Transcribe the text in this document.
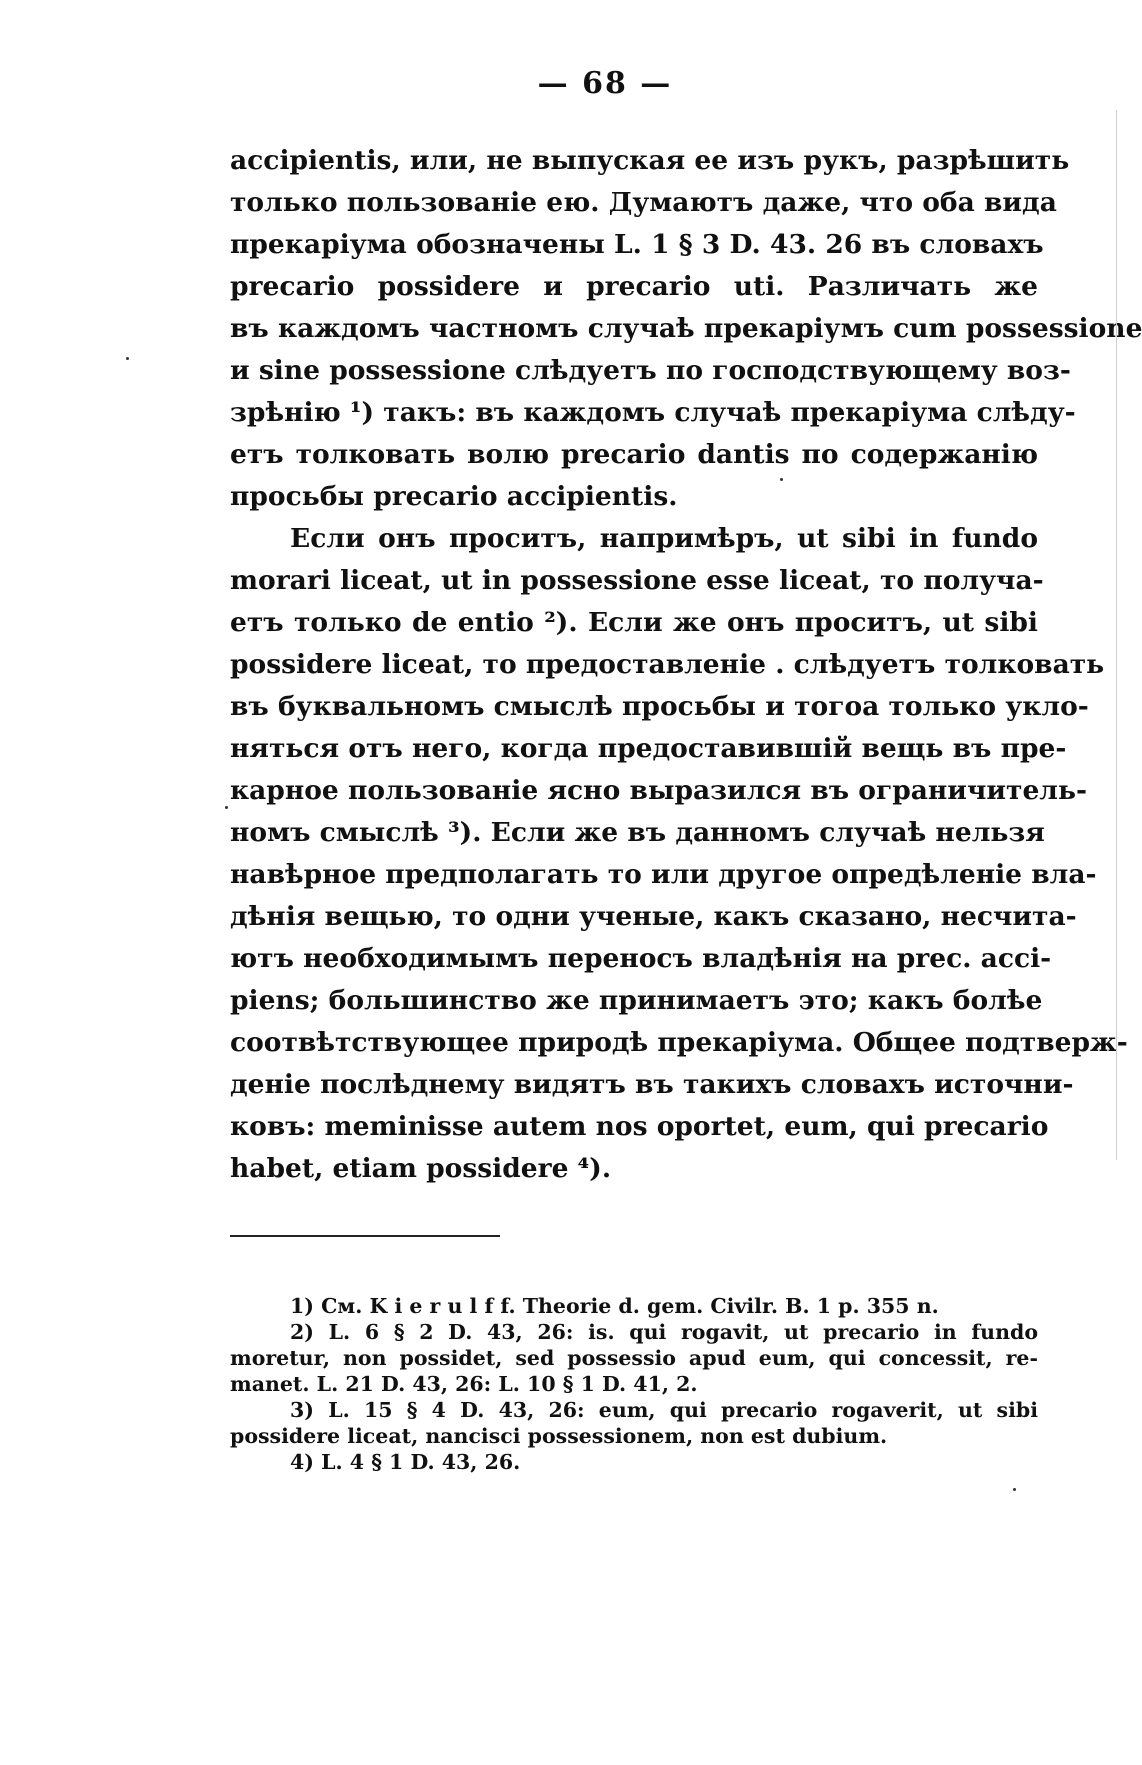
— 68 —
accipientis, или, не выпуская ее изъ рукъ, разрѣшить
только пользованіе ею. Думаютъ даже, что оба вида
прекаріума обозначены L. 1 § 3 D. 43. 26 въ словахъ
precario possidere и precario uti. Различать же
въ каждомъ частномъ случаѣ прекаріумъ cum possessione
и sine possessione слѣдуетъ по господствующему воз-
зрѣнію ¹) такъ: въ каждомъ случаѣ прекаріума слѣду-
етъ толковать волю precario dantis по содержанію
просьбы precario accipientis.
Если онъ проситъ, напримѣръ, ut sibi in fundo
morari liceat, ut in possessione esse liceat, то получа-
етъ только de entio ²). Если же онъ проситъ, ut sibi
possidere liceat, то предоставленіе . слѣдуетъ толковать
въ буквальномъ смыслѣ просьбы и тогоа только укло-
няться отъ него, когда предоставившій вещь въ пре-
карное пользованіе ясно выразился въ ограничитель-
номъ смыслѣ ³). Если же въ данномъ случаѣ нельзя
навѣрное предполагать то или другое опредѣленіе вла-
дѣнія вещью, то одни ученые, какъ сказано, несчита-
ютъ необходимымъ переносъ владѣнія на prec. acci-
piens; большинство же принимаетъ это; какъ болѣе
соотвѣтствующее природѣ прекаріума. Общее подтверж-
деніе послѣднему видятъ въ такихъ словахъ источни-
ковъ: meminisse autem nos oportet, eum, qui precario
habet, etiam possidere ⁴).
1) См. K i e r u l f f. Theorie d. gem. Civilr. B. 1 p. 355 n.
2) L. 6 § 2 D. 43, 26: is. qui rogavit, ut precario in fundo
moretur, non possidet, sed possessio apud eum, qui concessit, re-
manet. L. 21 D. 43, 26: L. 10 § 1 D. 41, 2.
3) L. 15 § 4 D. 43, 26: eum, qui precario rogaverit, ut sibi
possidere liceat, nancisci possessionem, non est dubium.
4) L. 4 § 1 D. 43, 26.
